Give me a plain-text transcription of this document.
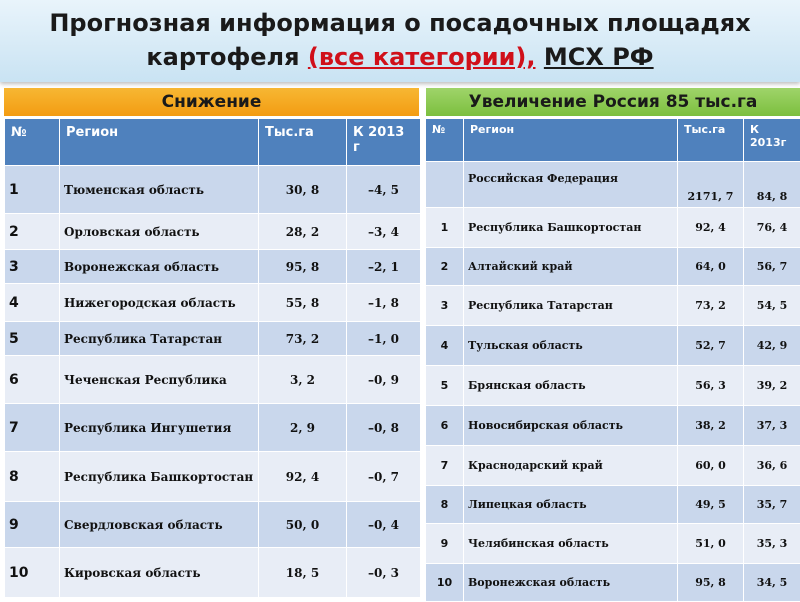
Прогнозная информация о посадочных площадях
картофеля (все категории), МСХ РФ
Снижение	Увеличение Россия 85 тыс.га
№	Регион	Тыс.га	К 2013 г
1	Тюменская область	30, 8	–4, 5
2	Орловская область	28, 2	–3, 4
3	Воронежская область	95, 8	–2, 1
4	Нижегородская область	55, 8	–1, 8
5	Республика Татарстан	73, 2	–1, 0
6	Чеченская Республика	3, 2	–0, 9
7	Республика Ингушетия	2, 9	–0, 8
8	Республика Башкортостан	92, 4	–0, 7
9	Свердловская область	50, 0	–0, 4
10	Кировская область	18, 5	–0, 3
№	Регион	Тыс.га	К 2013г
	Российская Федерация	2171, 7	84, 8
1	Республика Башкортостан	92, 4	76, 4
2	Алтайский край	64, 0	56, 7
3	Республика Татарстан	73, 2	54, 5
4	Тульская область	52, 7	42, 9
5	Брянская область	56, 3	39, 2
6	Новосибирская область	38, 2	37, 3
7	Краснодарский край	60, 0	36, 6
8	Липецкая область	49, 5	35, 7
9	Челябинская область	51, 0	35, 3
10	Воронежская область	95, 8	34, 5
